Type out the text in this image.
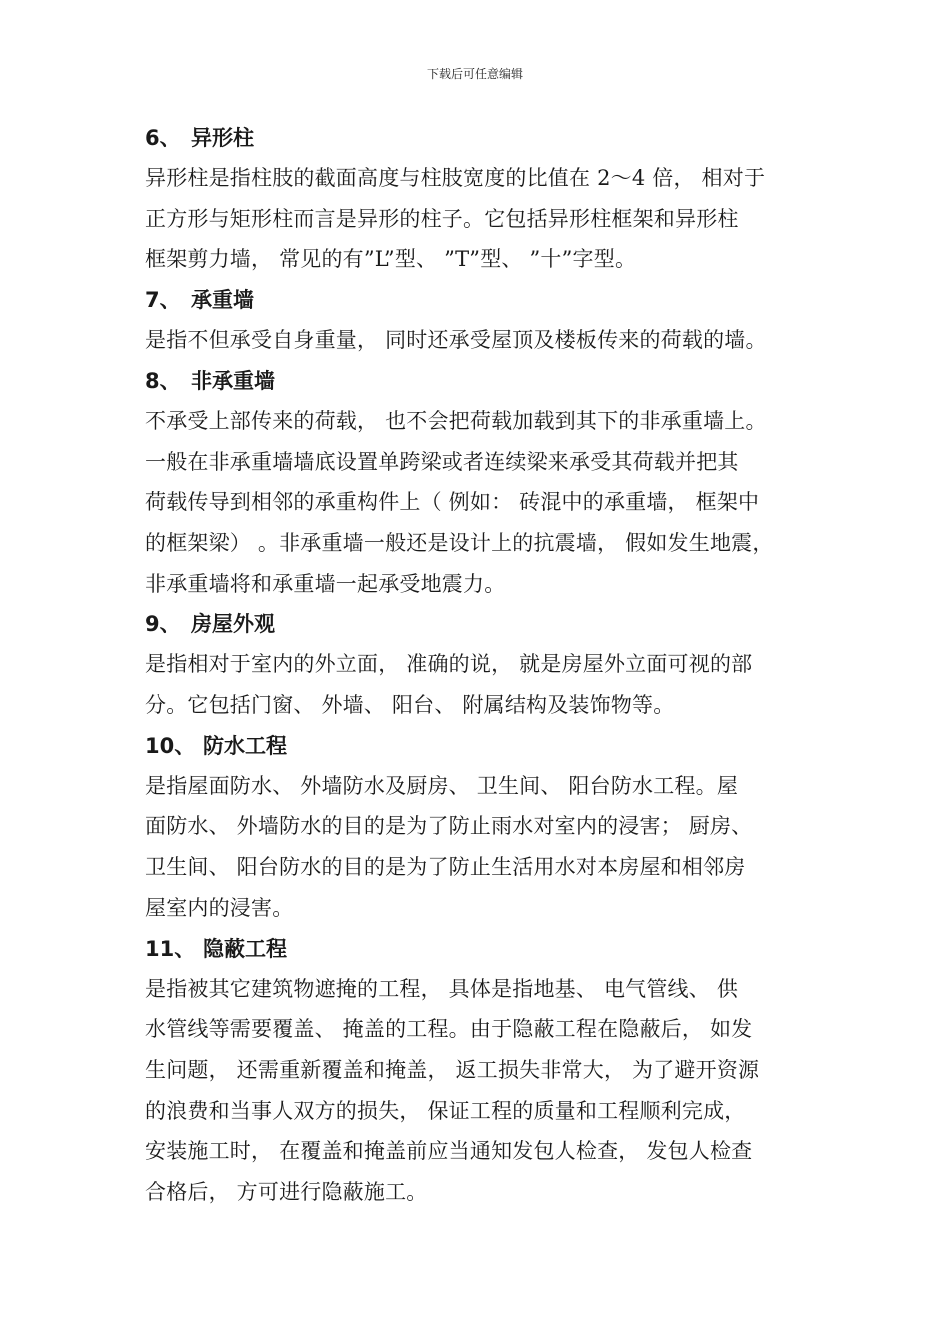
下载后可任意编辑
6、 异形柱

异形柱是指柱肢的截面高度与柱肢宽度的比值在 2～4 倍， 相对于

正方形与矩形柱而言是异形的柱子。它包括异形柱框架和异形柱

框架剪力墙， 常见的有”L”型、 ”T”型、 ”十”字型。

7、 承重墙

是指不但承受自身重量， 同时还承受屋顶及楼板传来的荷载的墙。

8、 非承重墙

不承受上部传来的荷载， 也不会把荷载加载到其下的非承重墙上。

一般在非承重墙墙底设置单跨梁或者连续梁来承受其荷载并把其

荷载传导到相邻的承重构件上（ 例如： 砖混中的承重墙， 框架中

的框架梁） 。非承重墙一般还是设计上的抗震墙， 假如发生地震，

非承重墙将和承重墙一起承受地震力。

9、 房屋外观

是指相对于室内的外立面， 准确的说， 就是房屋外立面可视的部

分。它包括门窗、 外墙、 阳台、 附属结构及装饰物等。

10、 防水工程

是指屋面防水、 外墙防水及厨房、 卫生间、 阳台防水工程。屋

面防水、 外墙防水的目的是为了防止雨水对室内的浸害； 厨房、

卫生间、 阳台防水的目的是为了防止生活用水对本房屋和相邻房

屋室内的浸害。

11、 隐蔽工程

是指被其它建筑物遮掩的工程， 具体是指地基、 电气管线、 供

水管线等需要覆盖、 掩盖的工程。由于隐蔽工程在隐蔽后， 如发

生问题， 还需重新覆盖和掩盖， 返工损失非常大， 为了避开资源

的浪费和当事人双方的损失， 保证工程的质量和工程顺利完成，

安装施工时， 在覆盖和掩盖前应当通知发包人检查， 发包人检查

合格后， 方可进行隐蔽施工。
